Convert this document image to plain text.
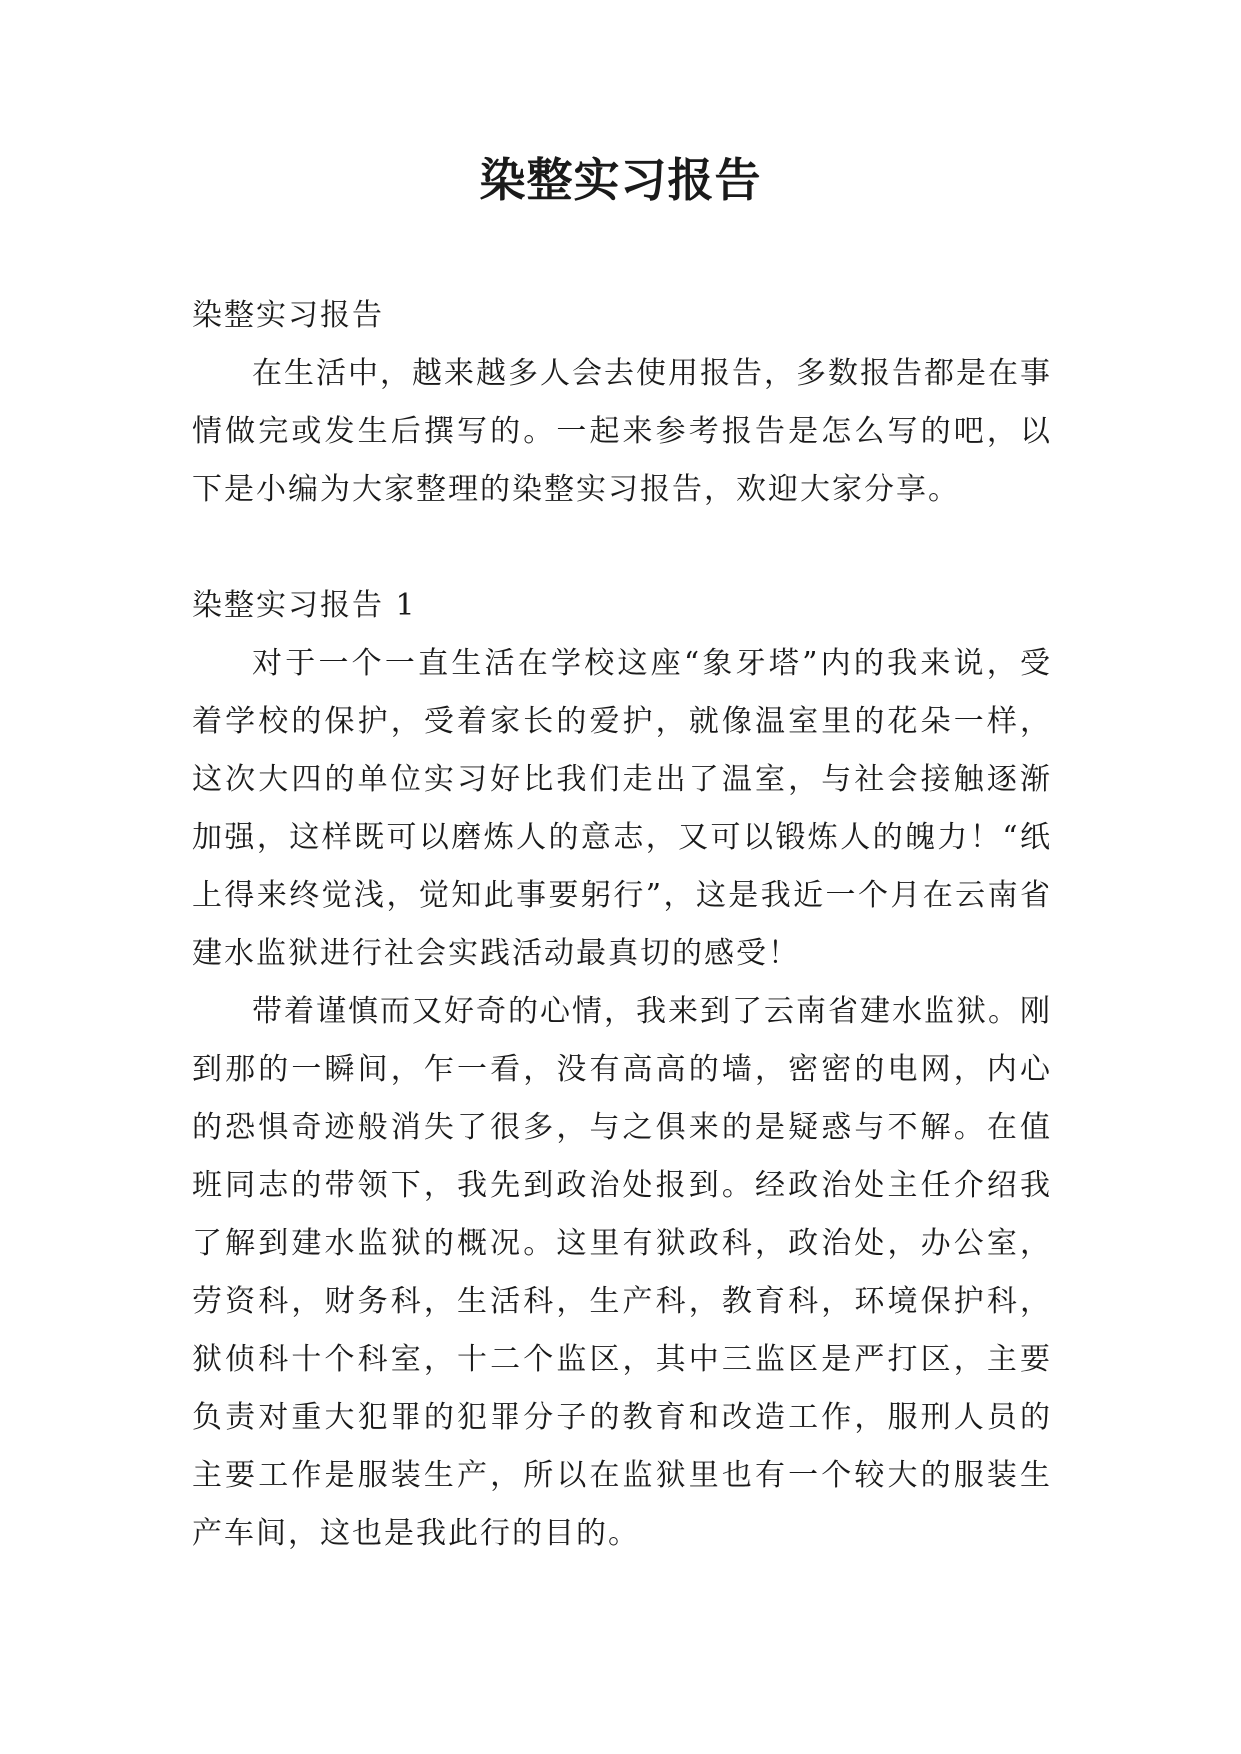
染整实习报告

染整实习报告

在生活中，越来越多人会去使用报告，多数报告都是在事情做完或发生后撰写的。一起来参考报告是怎么写的吧，以下是小编为大家整理的染整实习报告，欢迎大家分享。

染整实习报告 1

对于一个一直生活在学校这座“象牙塔”内的我来说，受着学校的保护，受着家长的爱护，就像温室里的花朵一样，这次大四的单位实习好比我们走出了温室，与社会接触逐渐加强，这样既可以磨炼人的意志，又可以锻炼人的魄力！“纸上得来终觉浅，觉知此事要躬行”，这是我近一个月在云南省建水监狱进行社会实践活动最真切的感受！

带着谨慎而又好奇的心情，我来到了云南省建水监狱。刚到那的一瞬间，乍一看，没有高高的墙，密密的电网，内心的恐惧奇迹般消失了很多，与之俱来的是疑惑与不解。在值班同志的带领下，我先到政治处报到。经政治处主任介绍我了解到建水监狱的概况。这里有狱政科，政治处，办公室，劳资科，财务科，生活科，生产科，教育科，环境保护科，狱侦科十个科室，十二个监区，其中三监区是严打区，主要负责对重大犯罪的犯罪分子的教育和改造工作，服刑人员的主要工作是服装生产，所以在监狱里也有一个较大的服装生产车间，这也是我此行的目的。
